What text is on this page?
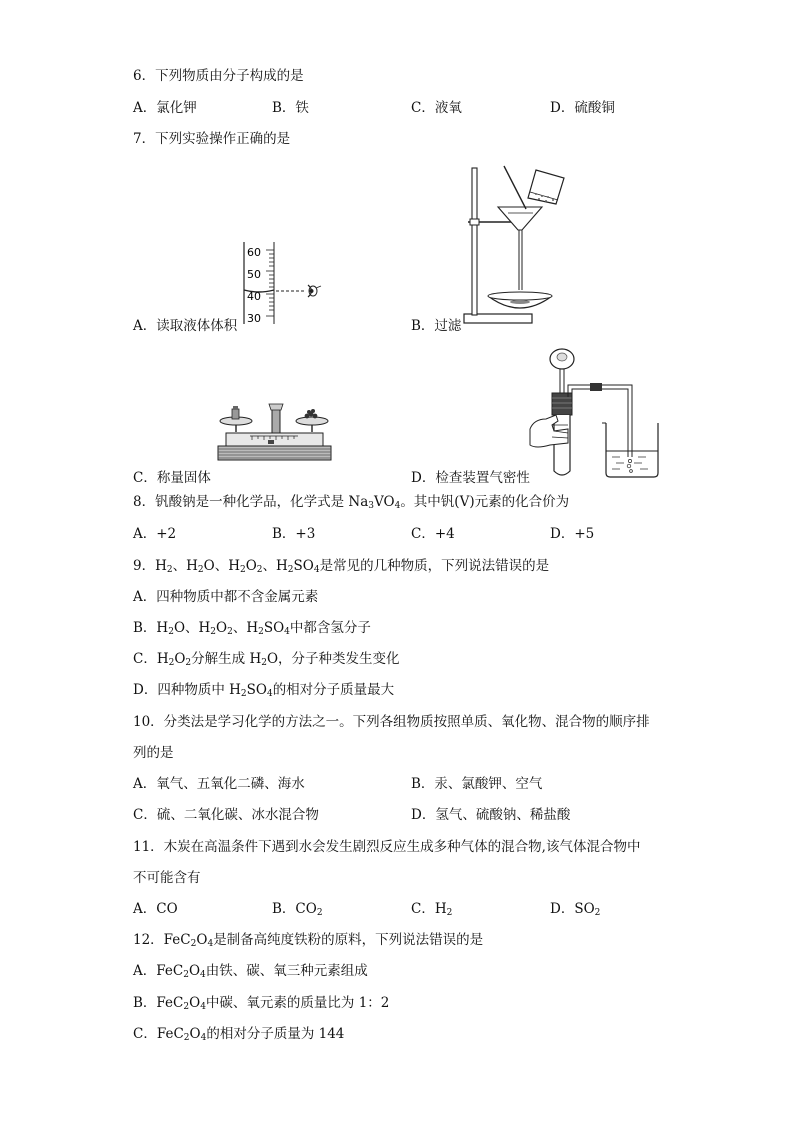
6．下列物质由分子构成的是
A．氯化钾	B．铁	C．液氧	D．硫酸铜
7．下列实验操作正确的是
60
50
40
30
A．读取液体体积	B．过滤
C．称量固体	D．检查装置气密性
8．钒酸钠是一种化学品，化学式是 $Na_3VO_4$。其中钒(V)元素的化合价为
A．+2	B．+3	C．+4	D．+5
9．$H_2$、$H_2O$、$H_2O_2$、$H_2SO_4$是常见的几种物质，下列说法错误的是
A．四种物质中都不含金属元素
B．$H_2O$、$H_2O_2$、$H_2SO_4$中都含氢分子
C．$H_2O_2$分解生成 $H_2O$，分子种类发生变化
D．四种物质中 $H_2SO_4$的相对分子质量最大
10．分类法是学习化学的方法之一。下列各组物质按照单质、氧化物、混合物的顺序排
列的是
A．氧气、五氧化二磷、海水	B．汞、氯酸钾、空气
C．硫、二氧化碳、冰水混合物	D．氢气、硫酸钠、稀盐酸
11．木炭在高温条件下遇到水会发生剧烈反应生成多种气体的混合物,该气体混合物中
不可能含有
A．CO	B．$CO_2$	C．$H_2$	D．$SO_2$
12．$FeC_2O_4$是制备高纯度铁粉的原料，下列说法错误的是
A．$FeC_2O_4$由铁、碳、氧三种元素组成
B．$FeC_2O_4$中碳、氧元素的质量比为 1：2
C．$FeC_2O_4$的相对分子质量为 144
